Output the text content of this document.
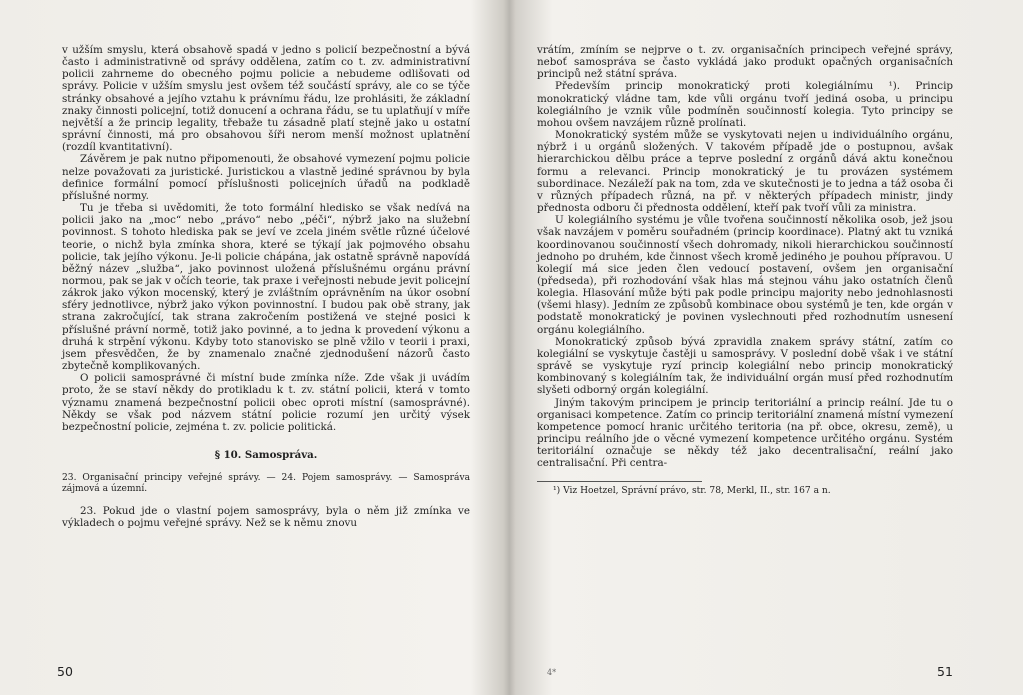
v užším smyslu, která obsahově spadá v jedno s policií bezpečnostní a bývá často i administrativně od správy oddělena, zatím co t. zv. administrativní policii zahrneme do obecného pojmu policie a nebudeme odlišovati od správy. Policie v užším smyslu jest ovšem též součástí správy, ale co se týče stránky obsahové a jejího vztahu k právnímu řádu, lze prohlásiti, že základní znaky činnosti policejní, totiž donucení a ochrana řádu, se tu uplatňují v míře největší a že princip legality, třebaže tu zásadně platí stejně jako u ostatní správní činnosti, má pro obsahovou šíři nerom menší možnost uplatnění (rozdíl kvantitativní).

Závěrem je pak nutno připomenouti, že obsahové vymezení pojmu policie nelze považovati za juristické. Juristickou a vlastně jediné správnou by byla definice formální pomocí příslušnosti policejních úřadů na podkladě příslušné normy.

Tu je třeba si uvědomiti, že toto formální hledisko se však nedívá na policii jako na „moc“ nebo „právo“ nebo „péči“, nýbrž jako na služební povinnost. S tohoto hlediska pak se jeví ve zcela jiném světle různé účelové teorie, o nichž byla zmínka shora, které se týkají jak pojmového obsahu policie, tak jejího výkonu. Je-li policie chápána, jak ostatně správně napovídá běžný název „služba“, jako povinnost uložená příslušnému orgánu právní normou, pak se jak v očích teorie, tak praxe i veřejnosti nebude jevit policejní zákrok jako výkon mocenský, který je zvláštním oprávněním na úkor osobní sféry jednotlivce, nýbrž jako výkon povinnostní. I budou pak obě strany, jak strana zakročující, tak strana zakročením postižená ve stejné posici k příslušné právní normě, totiž jako povinné, a to jedna k provedení výkonu a druhá k strpění výkonu. Kdyby toto stanovisko se plně vžilo v teorii i praxi, jsem přesvědčen, že by znamenalo značné zjednodušení názorů často zbytečně komplikovaných.

O policii samosprávné či místní bude zmínka níže. Zde však ji uvádím proto, že se staví někdy do protikladu k t. zv. státní policii, která v tomto významu znamená bezpečnostní policii obec oproti místní (samosprávné). Někdy se však pod názvem státní policie rozumí jen určitý výsek bezpečnostní policie, zejména t. zv. policie politická.

§ 10. Samospráva.

23. Organisační principy veřejné správy. — 24. Pojem samosprávy. — Samospráva zájmová a územní.

23. Pokud jde o vlastní pojem samosprávy, byla o něm již zmínka ve výkladech o pojmu veřejné správy. Než se k němu znovu

50

vrátím, zmíním se nejprve o t. zv. organisačních principech veřejné správy, neboť samospráva se často vykládá jako produkt opačných organisačních principů než státní správa.

Především princip monokratický proti kolegiálnímu ¹). Princip monokratický vládne tam, kde vůli orgánu tvoří jediná osoba, u principu kolegiálního je vznik vůle podmíněn součinností kolegia. Tyto principy se mohou ovšem navzájem různě prolínati.

Monokratický systém může se vyskytovati nejen u individuálního orgánu, nýbrž i u orgánů složených. V takovém případě jde o postupnou, avšak hierarchickou dělbu práce a teprve poslední z orgánů dává aktu konečnou formu a relevanci. Princip monokratický je tu provázen systémem subordinace. Nezáleží pak na tom, zda ve skutečnosti je to jedna a táž osoba či v různých případech různá, na př. v některých případech ministr, jindy přednosta odboru či přednosta oddělení, kteří pak tvoří vůli za ministra.

U kolegiálního systému je vůle tvořena součinností několika osob, jež jsou však navzájem v poměru souřadném (princip koordinace). Platný akt tu vzniká koordinovanou součinností všech dohromady, nikoli hierarchickou součinností jednoho po druhém, kde činnost všech kromě jediného je pouhou přípravou. U kolegií má sice jeden člen vedoucí postavení, ovšem jen organisační (předseda), při rozhodování však hlas má stejnou váhu jako ostatních členů kolegia. Hlasování může býti pak podle principu majority nebo jednohlasnosti (všemi hlasy). Jedním ze způsobů kombinace obou systémů je ten, kde orgán v podstatě monokratický je povinen vyslechnouti před rozhodnutím usnesení orgánu kolegiálního.

Monokratický způsob bývá zpravidla znakem správy státní, zatím co kolegiální se vyskytuje častěji u samosprávy. V poslední době však i ve státní správě se vyskytuje ryzí princip kolegiální nebo princip monokratický kombinovaný s kolegiálním tak, že individuální orgán musí před rozhodnutím slyšeti odborný orgán kolegiální.

Jiným takovým principem je princip teritoriální a princip reální. Jde tu o organisaci kompetence. Zatím co princip teritoriální znamená místní vymezení kompetence pomocí hranic určitého teritoria (na př. obce, okresu, země), u principu reálního jde o věcné vymezení kompetence určitého orgánu. Systém teritoriální označuje se někdy též jako decentralisační, reální jako centralisační. Při centra-

¹) Viz Hoetzel, Správní právo, str. 78, Merkl, II., str. 167 a n.

4*	51
